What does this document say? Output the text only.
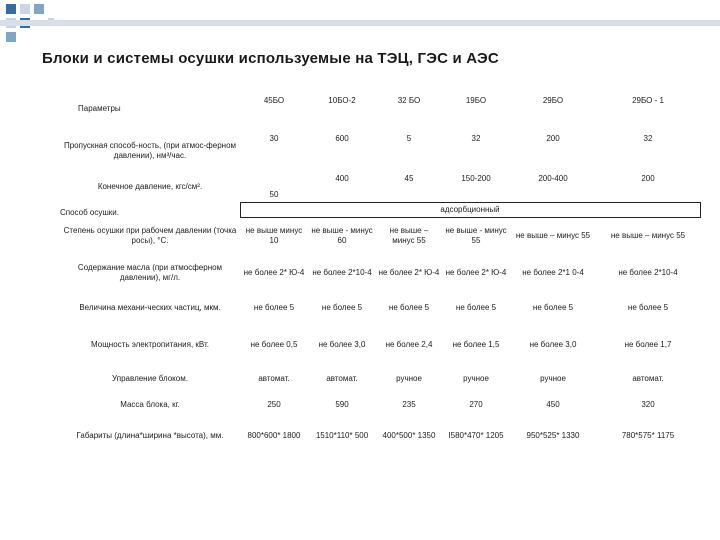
Блоки и системы осушки используемые на ТЭЦ, ГЭС и АЭС
Параметры	45БО	10БО-2	32 БО	19БО	29БО	29БО - 1
Пропускная способ-ность, (при атмос-ферном давлении), нм³/час.	30	600	5	32	200	32
Конечное давление, кгс/см².	50	400	45	150-200	200-400	200
Способ осушки.	адсорбционный					
Степень осушки при рабочем давлении (точка росы), °С.	не выше минус 10	не выше - минус 60	не выше – минус 55	не выше - минус 55	не выше – минус 55	не выше – минус 55
Содержание масла (при атмосферном давлении), мг/л.	не более 2* Ю-4	не более 2*10-4	не более 2* Ю-4	не более 2* Ю-4	не более 2*1 0-4	не более 2*10-4
Величина механи-ческих частиц, мкм.	не более 5	не более 5	не более 5	не более 5	не более 5	не более 5
Мощность электропитания, кВт.	не более 0,5	не более 3,0	не более 2,4	не более 1,5	не более 3,0	не более 1,7
Управление блоком.	автомат.	автомат.	ручное	ручное	ручное	автомат.
Масса блока, кг.	250	590	235	270	450	320
Габариты (длина*ширина *высота), мм.	800*600* 1800	1510*110* 500	400*500* 1350	І580*470* 1205	950*525* 1330	780*575* 1175
